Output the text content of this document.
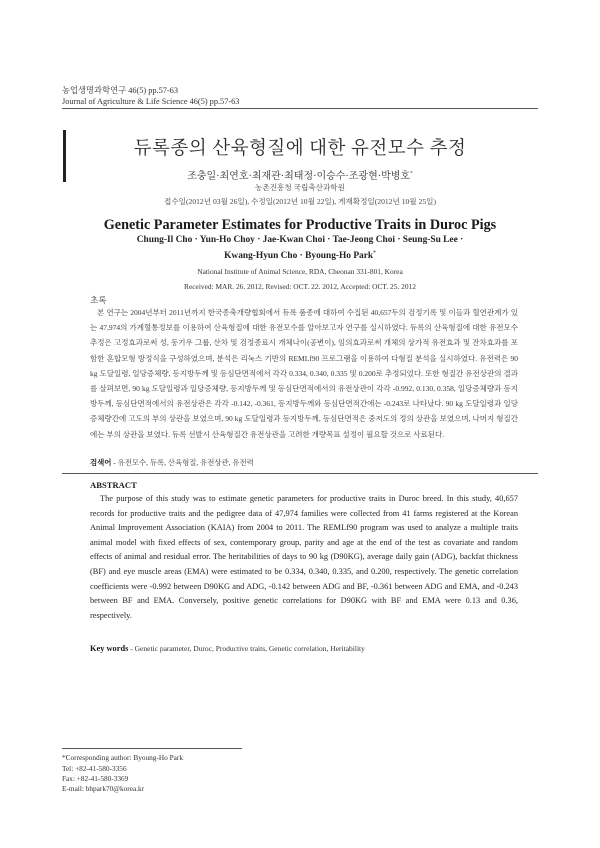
농업생명과학연구 46(5) pp.57-63
Journal of Agriculture & Life Science 46(5) pp.57-63
듀록종의 산육형질에 대한 유전모수 추정
조충일·최연호·최재관·최태정·이승수·조광현·박병호*
농촌진흥청 국립축산과학원
접수일(2012년 03월 26일), 수정일(2012년 10월 22일), 게재확정일(2012년 10월 25일)
Genetic Parameter Estimates for Productive Traits in Duroc Pigs
Chung-Il Cho · Yun-Ho Choy · Jae-Kwan Choi · Tae-Jeong Choi · Seung-Su Lee ·
Kwang-Hyun Cho · Byoung-Ho Park*
National Institute of Animal Science, RDA, Cheonan 331-801, Korea
Received: MAR. 26. 2012, Revised: OCT. 22. 2012, Accepted: OCT. 25. 2012
초록

본 연구는 2004년부터 2011년까지 한국종축개량협회에서 듀록 품종에 대하여 수집된 40,657두의 검정기록 및 이들과 혈연관계가 있는 47,974의 가계혈통정보를 이용하여 산육형질에 대한 유전모수를 알아보고자 연구를 실시하였다. 듀록의 산육형질에 대한 유전모수 추정은 고정효과로써 성, 동기우 그룹, 산차 및 검정종료시 개체나이(공변이), 임의효과로써 개체의 상가적 유전효과 및 잔차효과를 포함한 혼합모형 방정식을 구성하였으며, 분석은 리눅스 기반의 REMLf90 프로그램을 이용하여 다형질 분석을 실시하였다. 유전력은 90 kg 도달일령, 일당증체량, 등지방두께 및 등심단면적에서 각각 0.334, 0.340, 0.335 및 0.200로 추정되었다. 또한 형질간 유전상관의 결과를 살펴보면, 90 kg 도달일령과 일당증체량, 등지방두께 및 등심단면적에서의 유전상관이 각각 -0.992, 0.130, 0.358, 일당증체량과 등지방두께, 등심단면적에서의 유전상관은 각각 -0.142, -0.361, 등지방두께와 등심단면적간에는 -0.243로 나타났다. 90 kg 도달일령과 일당증체량간에 고도의 부의 상관을 보였으며, 90 kg 도달일령과 등지방두께, 등심단면적은 중저도의 정의 상관을 보였으며, 나머지 형질간에는 부의 상관을 보였다. 듀록 선발시 산육형질간 유전상관을 고려한 개량목표 설정이 필요할 것으로 사료된다.

검색어 - 유전모수, 듀록, 산육형질, 유전상관, 유전력
ABSTRACT

The purpose of this study was to estimate genetic parameters for productive traits in Duroc breed. In this study, 40,657 records for productive traits and the pedigree data of 47,974 families were collected from 41 farms registered at the Korean Animal Improvement Association (KAIA) from 2004 to 2011. The REMLf90 program was used to analyze a multiple traits animal model with fixed effects of sex, contemporary group, parity and age at the end of the test as covariate and random effects of animal and residual error. The heritabilities of days to 90 kg (D90KG), average daily gain (ADG), backfat thickness (BF) and eye muscle areas (EMA) were estimated to be 0.334, 0.340, 0.335, and 0.200, respectively. The genetic correlation coefficients were -0.992 between D90KG and ADG, -0.142 between ADG and BF, -0.361 between ADG and EMA, and -0.243 between BF and EMA. Conversely, positive genetic correlations for D90KG with BF and EMA were 0.13 and 0.36, respectively.

Key words - Genetic parameter, Duroc, Productive traits, Genetic correlation, Heritability
*Corresponding author: Byoung-Ho Park
Tel: +82-41-580-3356
Fax: +82-41-580-3369
E-mail: bhpark70@korea.kr
